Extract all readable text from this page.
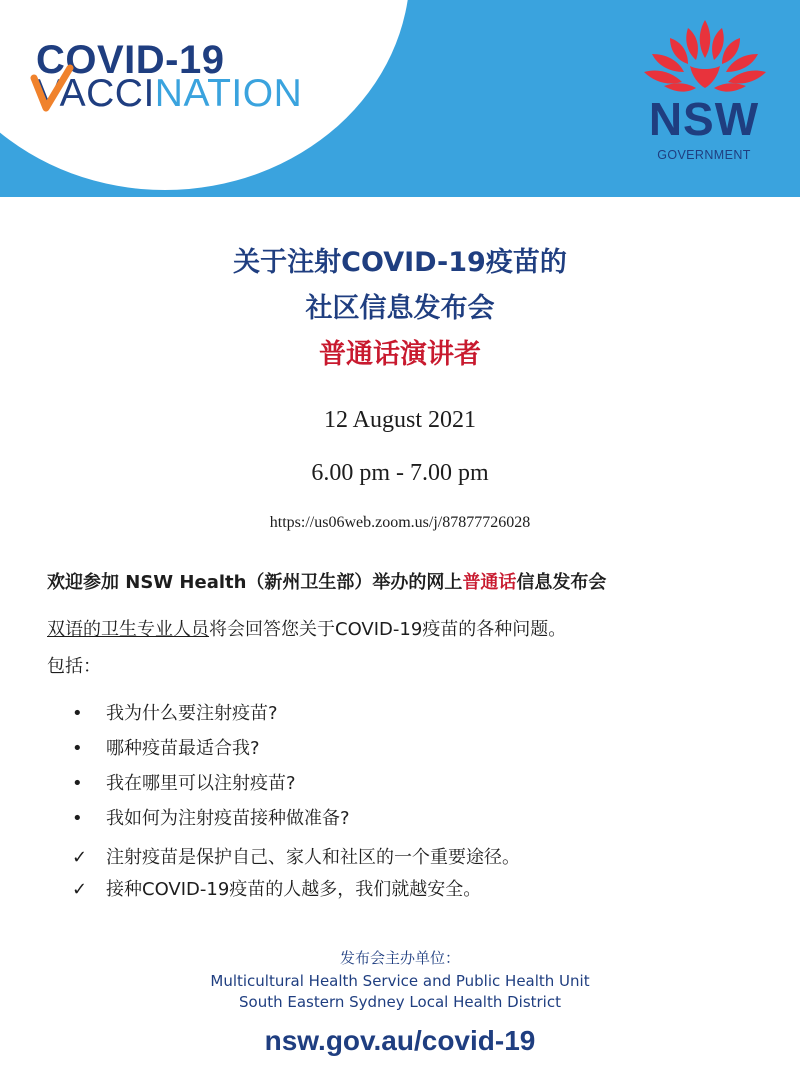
COVID-19
VACCINATION	NSW
GOVERNMENT
关于注射COVID-19疫苗的
社区信息发布会
普通话演讲者
12 August 2021
6.00 pm - 7.00 pm
https://us06web.zoom.us/j/87877726028
欢迎参加 NSW Health（新州卫生部）举办的网上普通话信息发布会
双语的卫生专业人员将会回答您关于COVID-19疫苗的各种问题。
包括：
• 我为什么要注射疫苗?
• 哪种疫苗最适合我?
• 我在哪里可以注射疫苗?
• 我如何为注射疫苗接种做准备?
✓ 注射疫苗是保护自己、家人和社区的一个重要途径。
✓ 接种COVID-19疫苗的人越多，我们就越安全。
发布会主办单位：
Multicultural Health Service and Public Health Unit
South Eastern Sydney Local Health District
nsw.gov.au/covid-19
